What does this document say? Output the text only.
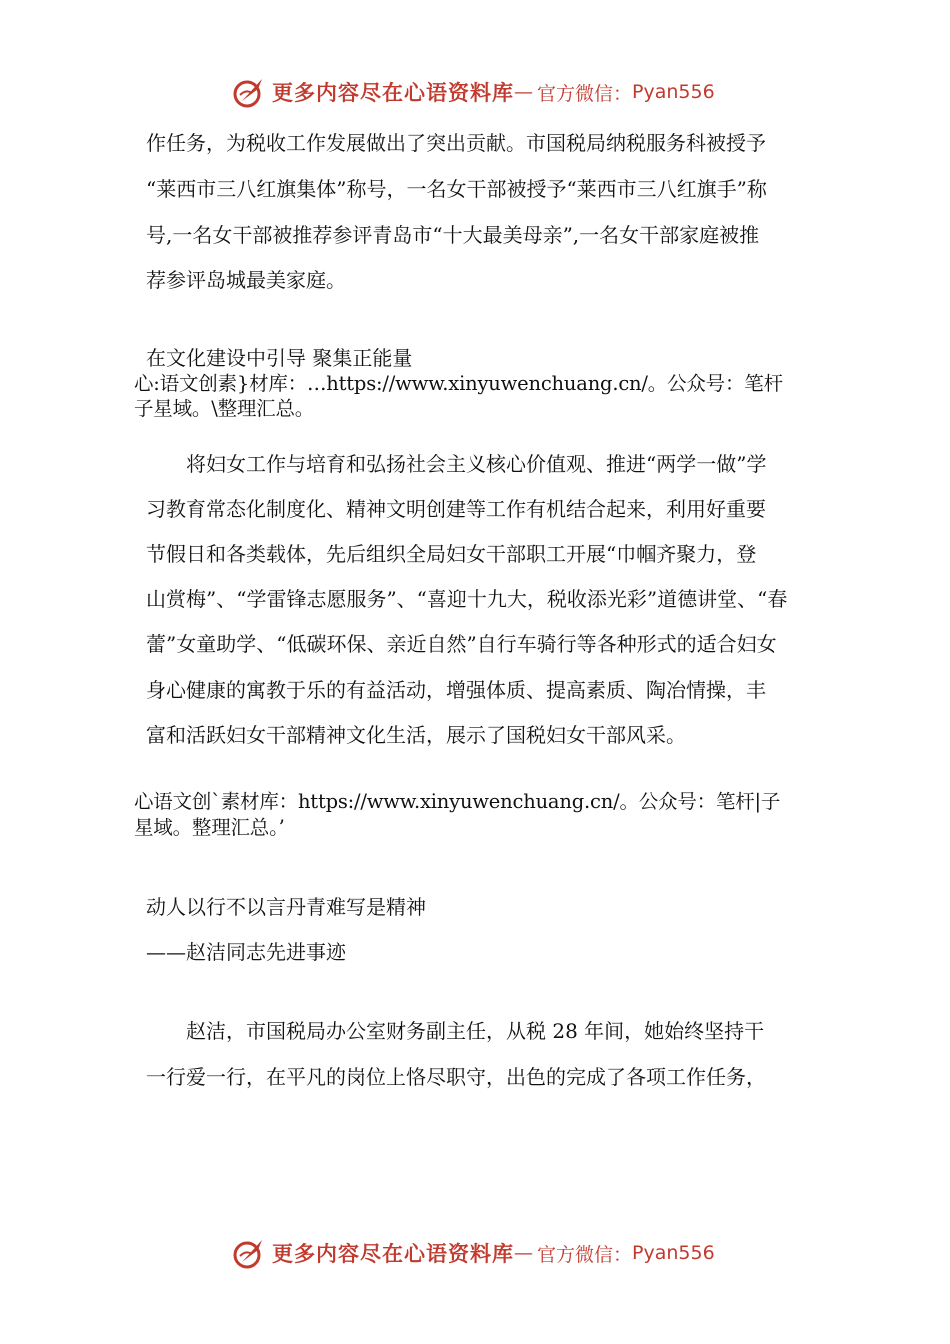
更多内容尽在心语资料库 — 官方微信： Pyan556
作任务，为税收工作发展做出了突出贡献。市国税局纳税服务科被授予
“莱西市三八红旗集体”称号，一名女干部被授予“莱西市三八红旗手”称
号,一名女干部被推荐参评青岛市“十大最美母亲”,一名女干部家庭被推
荐参评岛城最美家庭。
在文化建设中引导 聚集正能量
心:语文创素}材库：…https://www.xinyuwenchuang.cn/。公众号：笔杆
子星域。\整理汇总。
将妇女工作与培育和弘扬社会主义核心价值观、推进“两学一做”学
习教育常态化制度化、精神文明创建等工作有机结合起来，利用好重要
节假日和各类载体，先后组织全局妇女干部职工开展“巾帼齐聚力，登
山赏梅”、“学雷锋志愿服务”、“喜迎十九大，税收添光彩”道德讲堂、“春
蕾”女童助学、“低碳环保、亲近自然”自行车骑行等各种形式的适合妇女
身心健康的寓教于乐的有益活动，增强体质、提高素质、陶冶情操，丰
富和活跃妇女干部精神文化生活，展示了国税妇女干部风采。
心语文创`素材库：https://www.xinyuwenchuang.cn/。公众号：笔杆|子
星域。整理汇总。’
动人以行不以言丹青难写是精神
——赵洁同志先进事迹
赵洁，市国税局办公室财务副主任，从税 28 年间，她始终坚持干
一行爱一行，在平凡的岗位上恪尽职守，出色的完成了各项工作任务，
更多内容尽在心语资料库 — 官方微信： Pyan556
